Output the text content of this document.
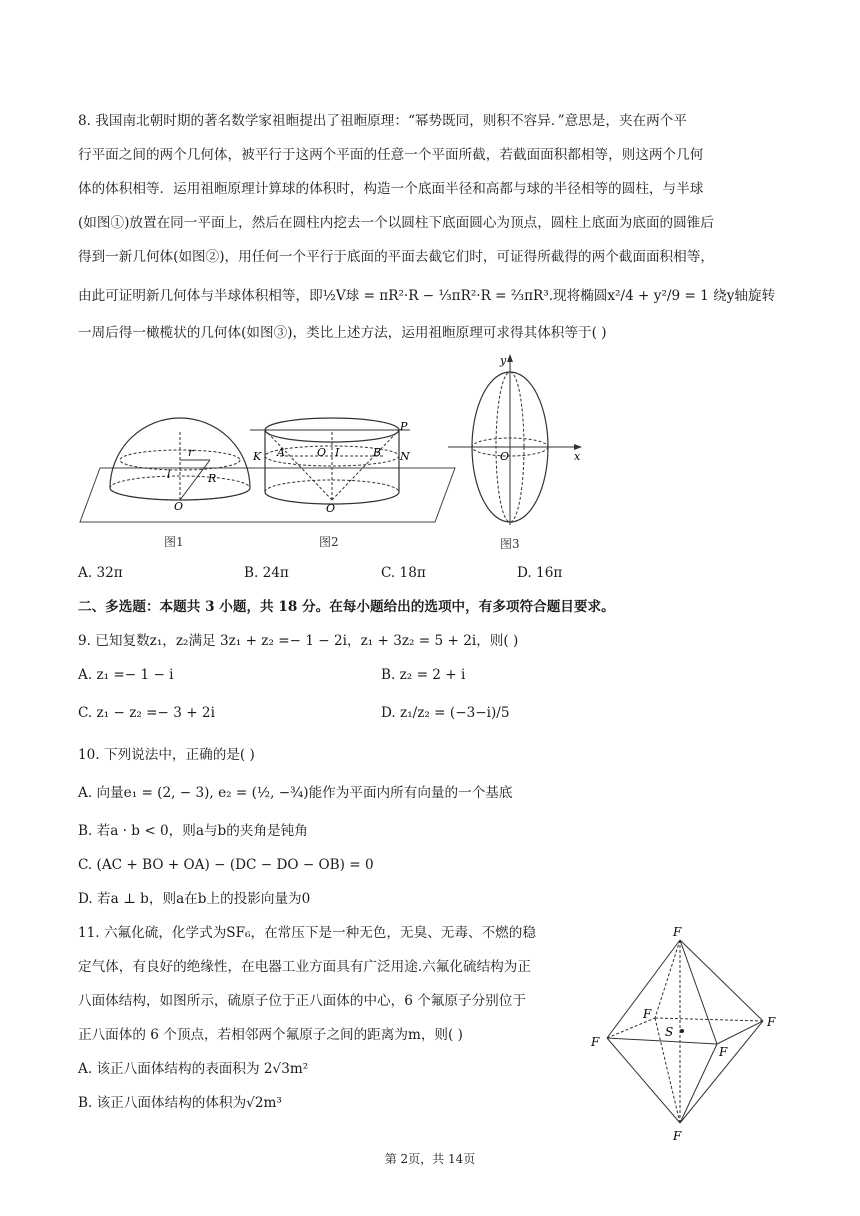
8. 我国南北朝时期的著名数学家祖暅提出了祖暅原理：“幂势既同，则积不容异．”意思是，夹在两个平
行平面之间的两个几何体，被平行于这两个平面的任意一个平面所截，若截面面积都相等，则这两个几何
体的体积相等．运用祖暅原理计算球的体积时，构造一个底面半径和高都与球的半径相等的圆柱，与半球
(如图①)放置在同一平面上，然后在圆柱内挖去一个以圆柱下底面圆心为顶点，圆柱上底面为底面的圆锥后
得到一新几何体(如图②)，用任何一个平行于底面的平面去截它们时，可证得所截得的两个截面面积相等，
由此可证明新几何体与半球体积相等，即½V球 = πR²·R − ⅓πR²·R = ⅔πR³.现将椭圆x²/4 + y²/9 = 1 绕y轴旋转
一周后得一橄榄状的几何体(如图③)，类比上述方法，运用祖暅原理可求得其体积等于( )
r
l	R
O
K A	O I	B N
P
O
y
x
O
图1	图2	图3
A. 32π	B. 24π	C. 18π	D. 16π
二、多选题：本题共 3 小题，共 18 分。在每小题给出的选项中，有多项符合题目要求。
9. 已知复数z₁，z₂满足 3z₁ + z₂ =− 1 − 2i，z₁ + 3z₂ = 5 + 2i，则( )
A. z₁ =− 1 − i	B. z₂ = 2 + i
C. z₁ − z₂ =− 3 + 2i	D. z₁/z₂ = (−3−i)/5
10. 下列说法中，正确的是( )
A. 向量e₁ = (2, − 3), e₂ = (½, −¾)能作为平面内所有向量的一个基底
B. 若a · b < 0，则a与b的夹角是钝角
C. (AC + BO + OA) − (DC − DO − OB) = 0
D. 若a ⊥ b，则a在b上的投影向量为0
11. 六氟化硫，化学式为SF₆，在常压下是一种无色，无臭、无毒、不燃的稳
定气体，有良好的绝缘性，在电器工业方面具有广泛用途.六氟化硫结构为正
八面体结构，如图所示，硫原子位于正八面体的中心，6 个氟原子分别位于
正八面体的 6 个顶点，若相邻两个氟原子之间的距离为m，则( )
A. 该正八面体结构的表面积为 2√3m²
B. 该正八面体结构的体积为√2m³
F
F
F
F
F
F
S
第 2页，共 14页
